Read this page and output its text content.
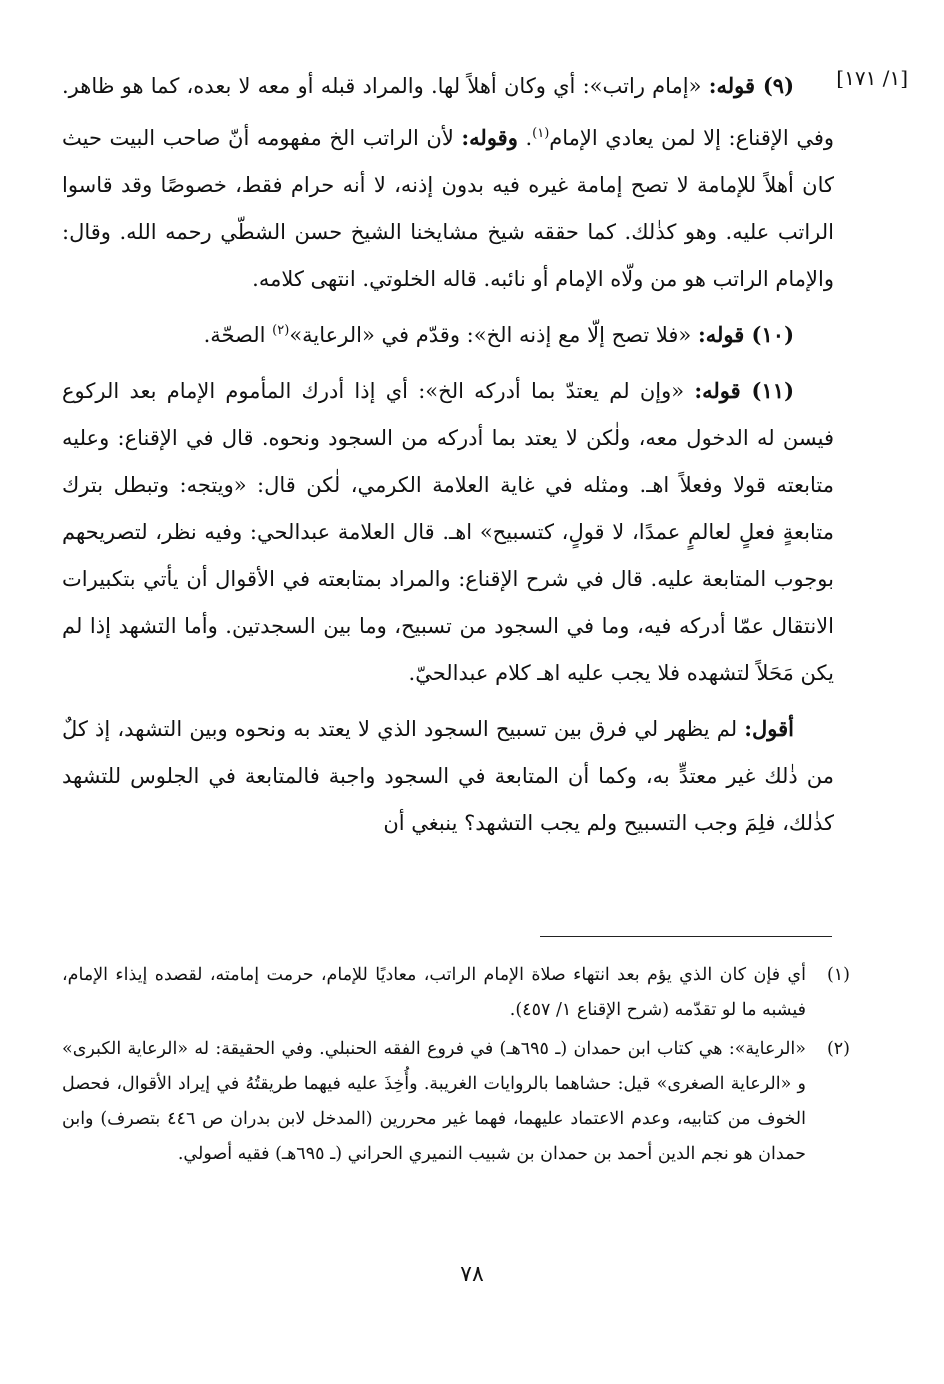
[١/ ١٧١]

(٩) قوله: «إمام راتب»: أي وكان أهلاً لها. والمراد قبله أو معه لا بعده، كما هو ظاهر. وفي الإقناع: إلا لمن يعادي الإمام$^{(١)}$. وقوله: لأن الراتب الخ مفهومه أنّ صاحب البيت حيث كان أهلاً للإمامة لا تصح إمامة غيره فيه بدون إذنه، لا أنه حرام فقط، خصوصًا وقد قاسوا الراتب عليه. وهو كذٰلك. كما حققه شيخ مشايخنا الشيخ حسن الشطّي رحمه الله. وقال: والإمام الراتب هو من ولّاه الإمام أو نائبه. قاله الخلوتي. انتهى كلامه.

(١٠) قوله: «فلا تصح إلّا مع إذنه الخ»: وقدّم في «الرعاية»$^{(٢)}$ الصحّة.

(١١) قوله: «وإن لم يعتدّ بما أدركه الخ»: أي إذا أدرك المأموم الإمام بعد الركوع فيسن له الدخول معه، ولٰكن لا يعتد بما أدركه من السجود ونحوه. قال في الإقناع: وعليه متابعته قولا وفعلاً اهـ. ومثله في غاية العلامة الكرمي، لٰكن قال: «ويتجه: وتبطل بترك متابعةٍ فعلٍ لعالمٍ عمدًا، لا قولٍ، كتسبيح» اهـ. قال العلامة عبدالحي: وفيه نظر، لتصريحهم بوجوب المتابعة عليه. قال في شرح الإقناع: والمراد بمتابعته في الأقوال أن يأتي بتكبيرات الانتقال عمّا أدركه فيه، وما في السجود من تسبيح، وما بين السجدتين. وأما التشهد إذا لم يكن مَحَلاً لتشهده فلا يجب عليه اهـ كلام عبدالحيّ.

أقول: لم يظهر لي فرق بين تسبيح السجود الذي لا يعتد به ونحوه وبين التشهد، إذ كلٌ من ذٰلك غير معتدٍّ به، وكما أن المتابعة في السجود واجبة فالمتابعة في الجلوس للتشهد كذٰلك، فلِمَ وجب التسبيح ولم يجب التشهد؟ ينبغي أن

(١)
أي فإن كان الذي يؤم بعد انتهاء صلاة الإمام الراتب، معاديًا للإمام، حرمت إمامته، لقصده إيذاء الإمام، فيشبه ما لو تقدّمه (شرح الإقناع ١/ ٤٥٧).
(٢)
«الرعاية»: هي كتاب ابن حمدان (ـ ٦٩٥هـ) في فروع الفقه الحنبلي. وفي الحقيقة: له «الرعاية الكبرى» و «الرعاية الصغرى» قيل: حشاهما بالروايات الغريبة. وأُخِذَ عليه فيهما طريقتُهُ في إيراد الأقوال، فحصل الخوف من كتابيه، وعدم الاعتماد عليهما، فهما غير محررين (المدخل لابن بدران ص ٤٤٦ بتصرف) وابن حمدان هو نجم الدين أحمد بن حمدان بن شبيب النميري الحراني (ـ ٦٩٥هـ) فقيه أصولي.
٧٨
